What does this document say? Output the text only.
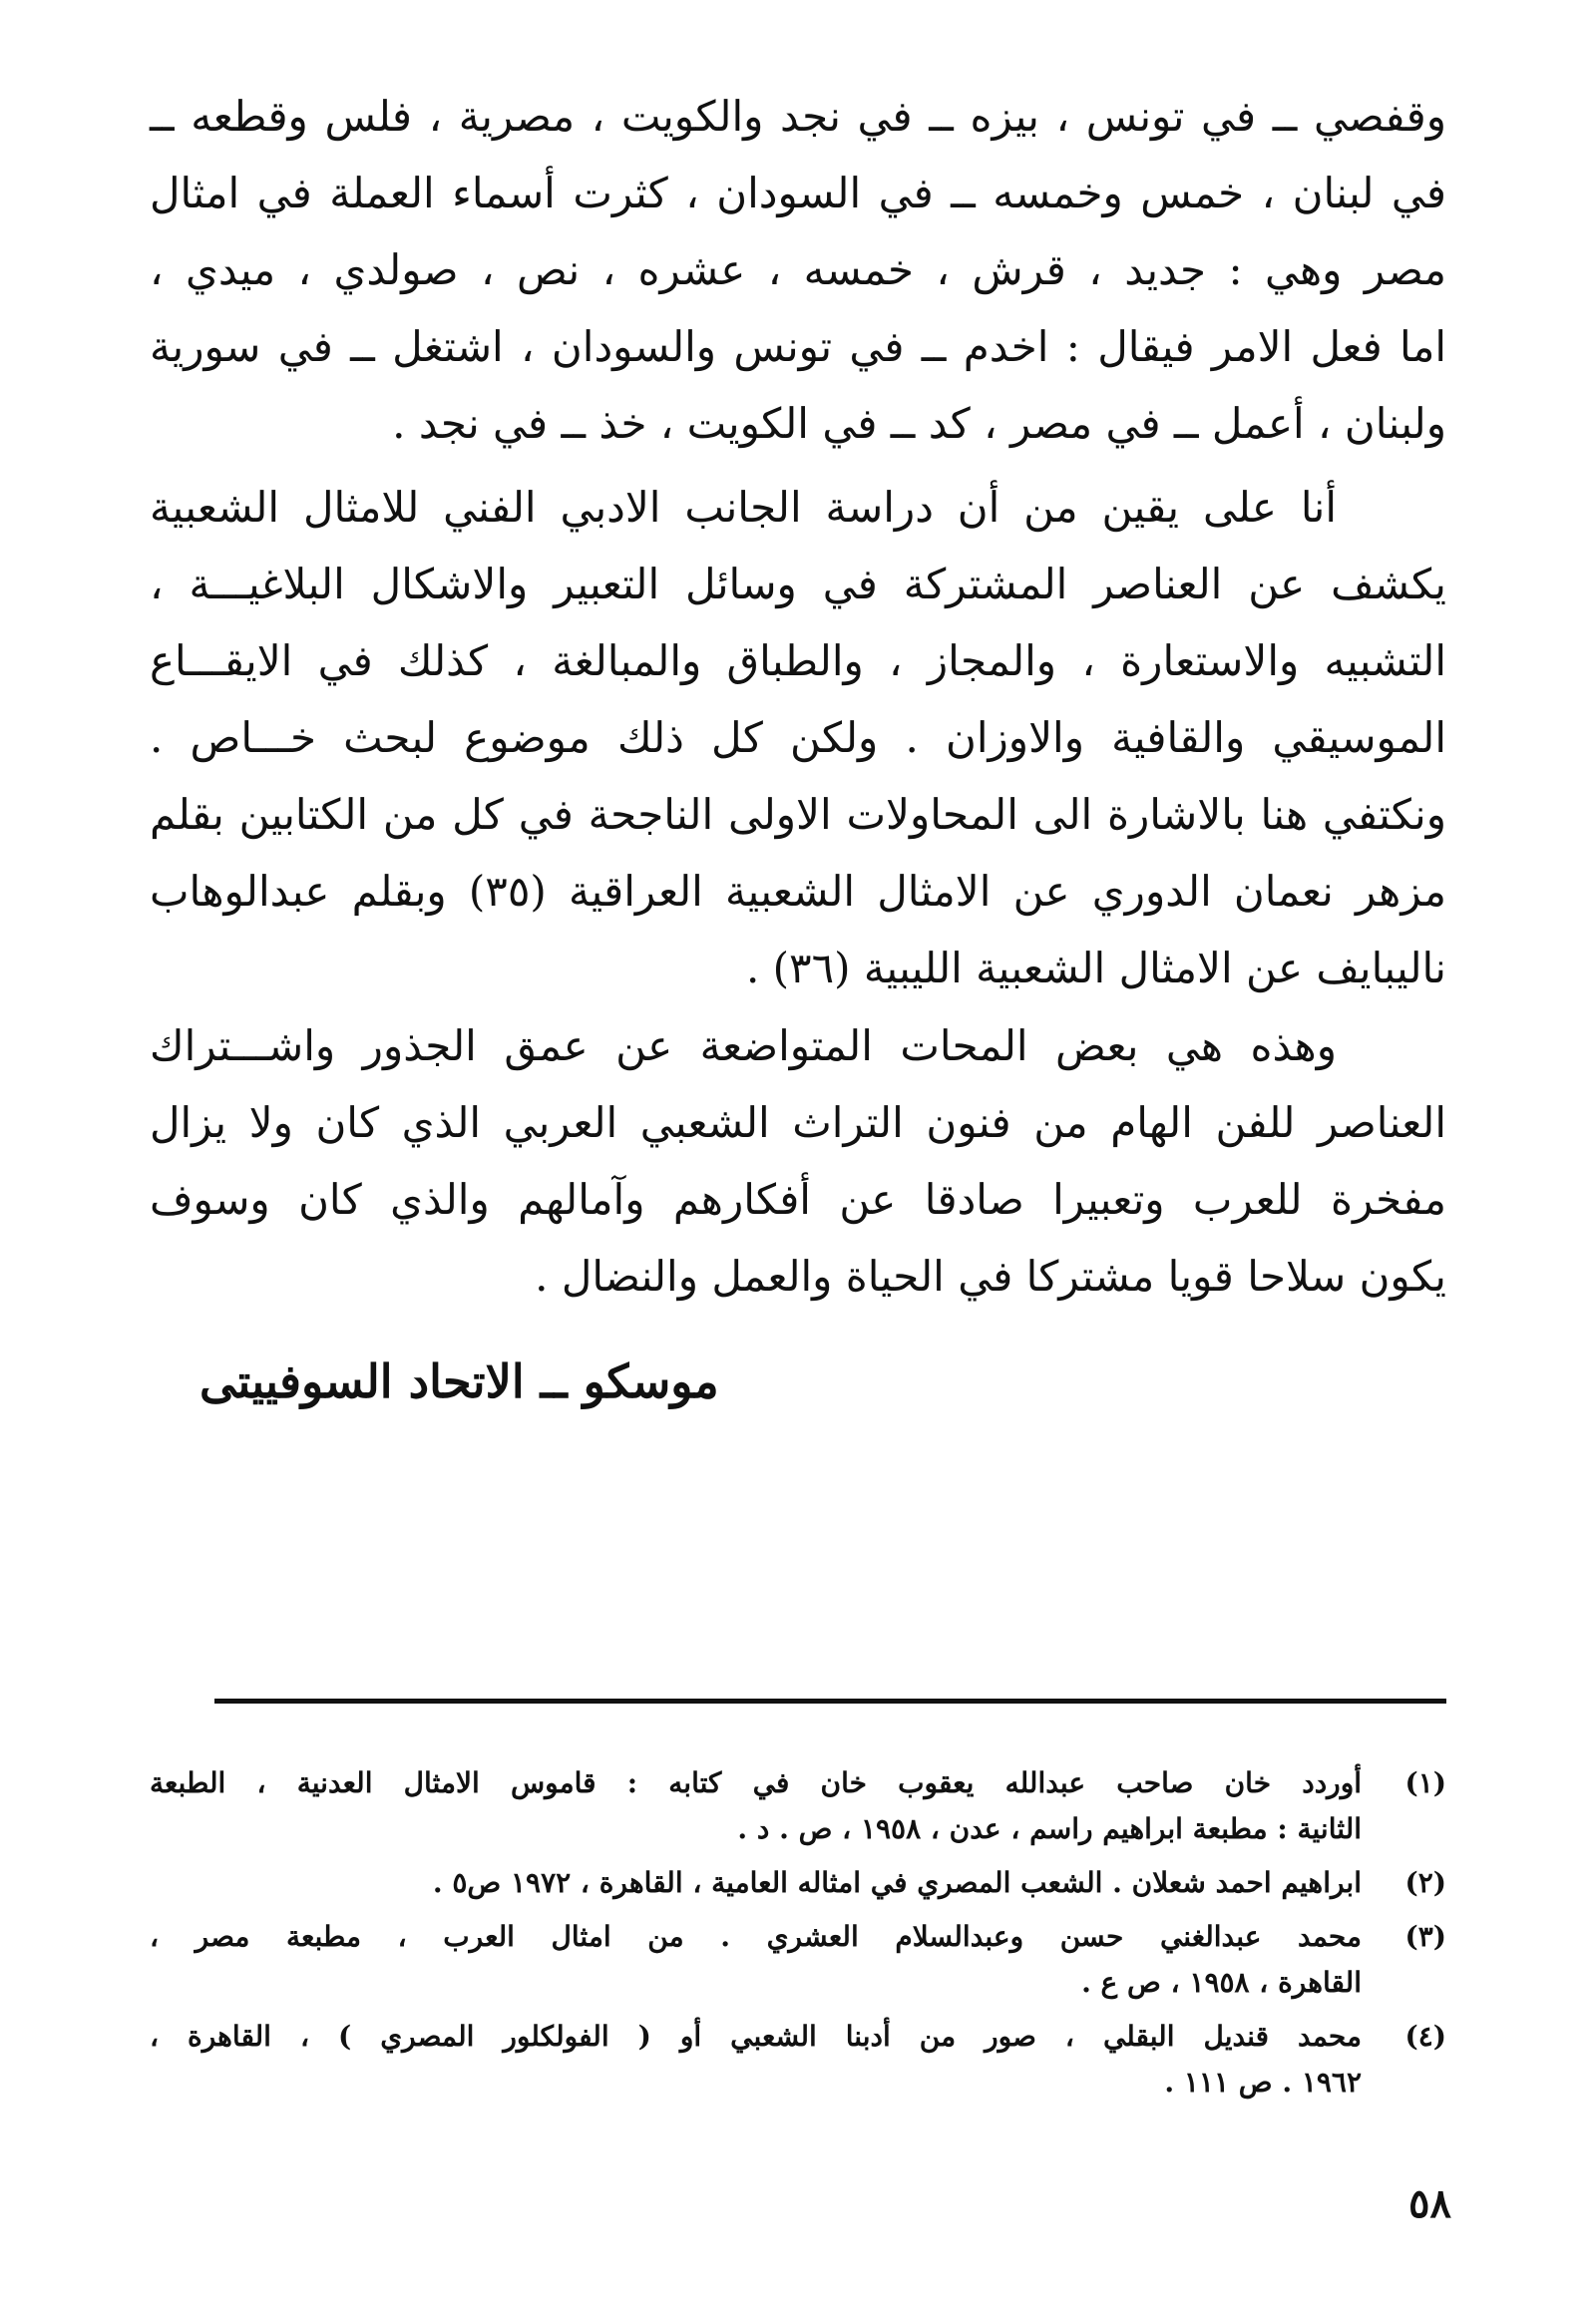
وقفصي ــ في تونس ، بيزه ــ في نجد والكويت ، مصرية ، فلس وقطعه ــ
في لبنان ، خمس وخمسه ــ في السودان ، كثرت أسماء العملة في امثال
مصر وهي : جديد ، قرش ، خمسه ، عشره ، نص ، صولدي ، ميدي ،
اما فعل الامر فيقال : اخدم ــ في تونس والسودان ، اشتغل ــ في سورية
ولبنان ، أعمل ــ في مصر ، كد ــ في الكويت ، خذ ــ في نجد .

أنا على يقين من أن دراسة الجانب الادبي الفني للامثال الشعبية
يكشف عن العناصر المشتركة في وسائل التعبير والاشكال البلاغيـــة ،
التشبيه والاستعارة ، والمجاز ، والطباق والمبالغة ، كذلك في الايقـــاع
الموسيقي والقافية والاوزان . ولكن كل ذلك موضوع لبحث خـــاص .
ونكتفي هنا بالاشارة الى المحاولات الاولى الناجحة في كل من الكتابين بقلم
مزهر نعمان الدوري عن الامثال الشعبية العراقية (٣٥) وبقلم عبدالوهاب
ناليبايف عن الامثال الشعبية الليبية (٣٦) .

وهذه هي بعض المحات المتواضعة عن عمق الجذور واشـــتراك
العناصر للفن الهام من فنون التراث الشعبي العربي الذي كان ولا يزال
مفخرة للعرب وتعبيرا صادقا عن أفكارهم وآمالهم والذي كان وسوف
يكون سلاحا قويا مشتركا في الحياة والعمل والنضال .

موسكو ــ الاتحاد السوفييتى
(١)
أوردد خان صاحب عبدالله يعقوب خان في كتابه : قاموس الامثال العدنية ، الطبعة
الثانية : مطبعة ابراهيم راسم ، عدن ، ١٩٥٨ ، ص . د .
(٢)
ابراهيم احمد شعلان . الشعب المصري في امثاله العامية ، القاهرة ، ١٩٧٢ ص٥ .
(٣)
محمد عبدالغني حسن وعبدالسلام العشري . من امثال العرب ، مطبعة مصر ،
القاهرة ، ١٩٥٨ ، ص ع .
(٤)
محمد قنديل البقلي ، صور من أدبنا الشعبي أو ( الفولكلور المصري ) ، القاهرة ،
١٩٦٢ . ص ١١١ .
٥٨
